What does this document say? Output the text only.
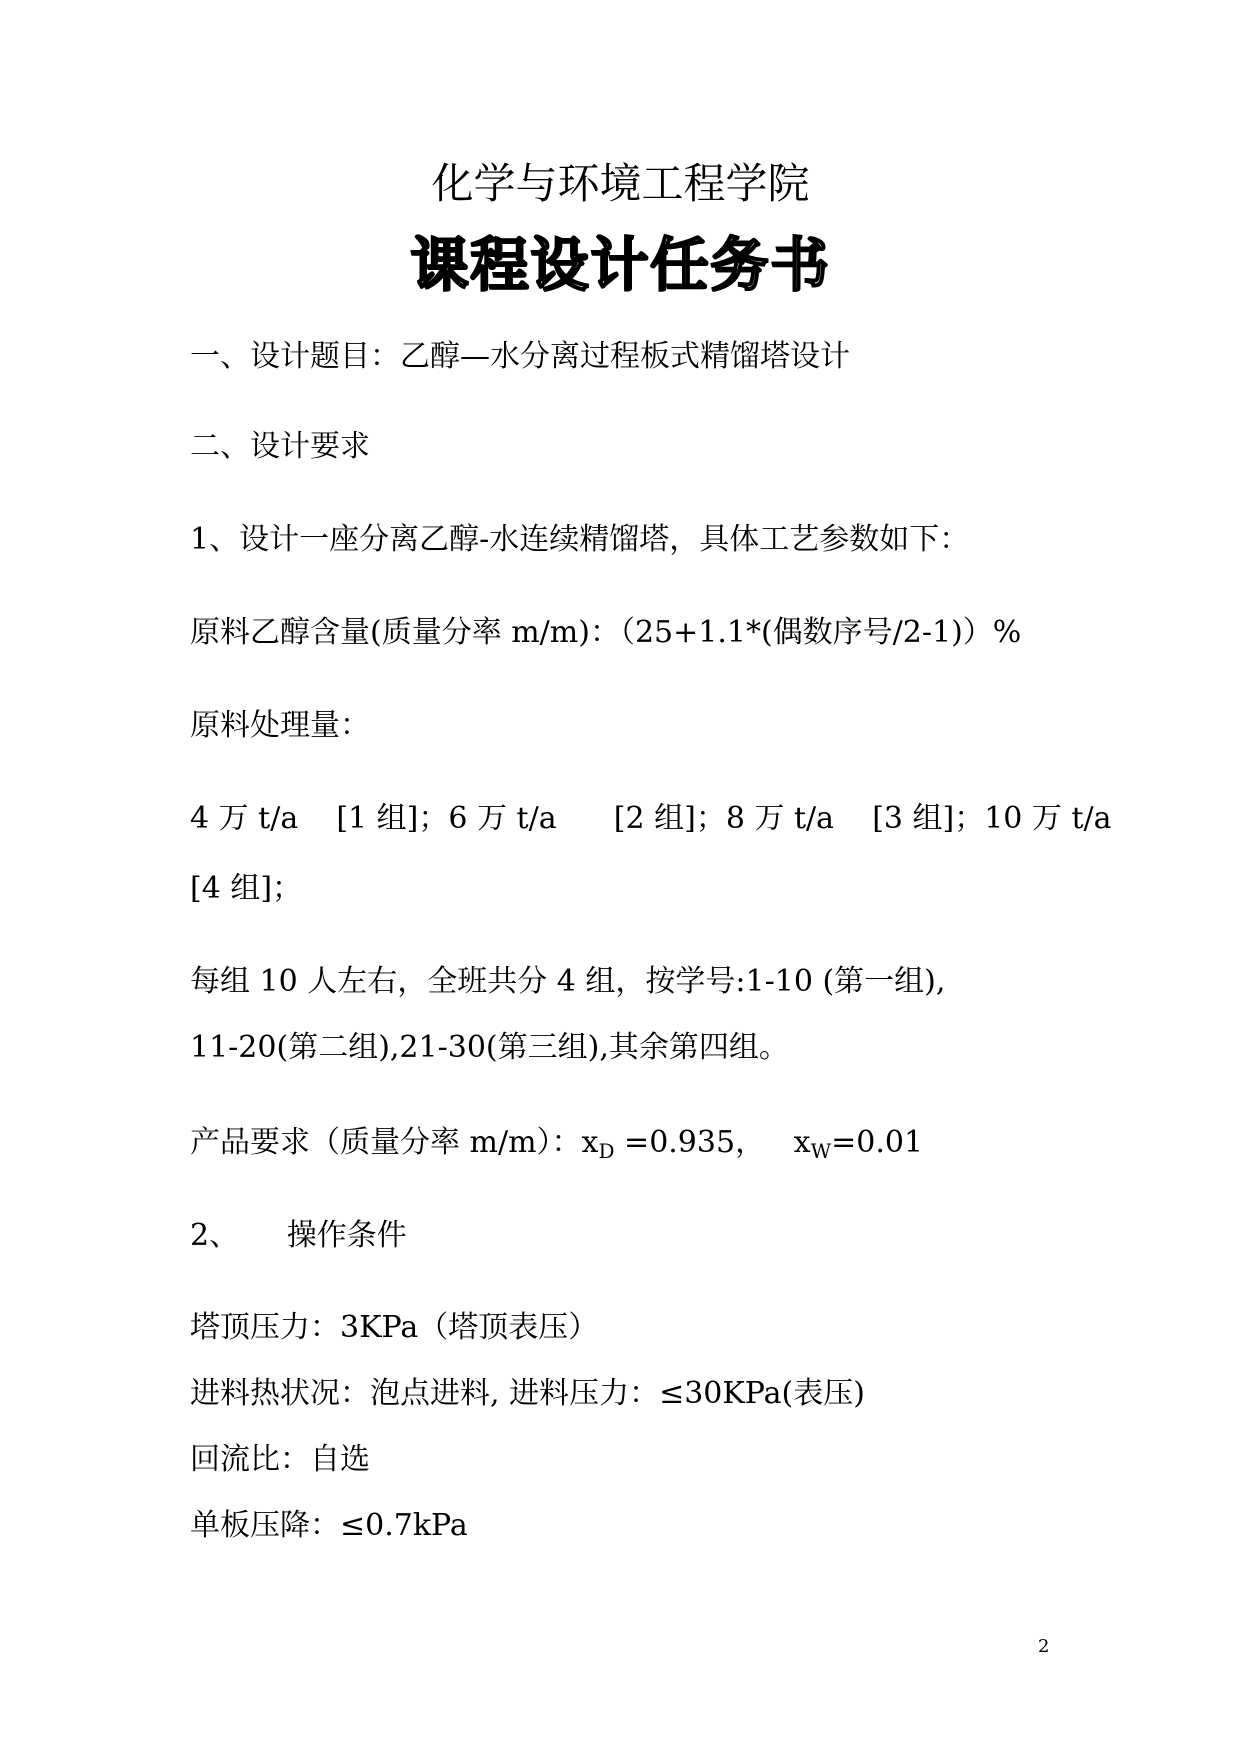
化学与环境工程学院
课程设计任务书
一、设计题目：乙醇—水分离过程板式精馏塔设计
二、设计要求
1、设计一座分离乙醇-水连续精馏塔，具体工艺参数如下：
原料乙醇含量(质量分率 m/m)：（25+1.1*(偶数序号/2-1)）%
原料处理量：
4 万 t/a    [1 组]；6 万 t/a      [2 组]；8 万 t/a    [3 组]；10 万 t/a
[4 组]；
每组 10 人左右，全班共分 4 组，按学号:1-10 (第一组),
11-20(第二组),21-30(第三组),其余第四组。
产品要求（质量分率 m/m）：$x_D =0.935$，   $x_W=0.01$
2、     操作条件
塔顶压力：3KPa（塔顶表压）
进料热状况：泡点进料, 进料压力：≤30KPa(表压)
回流比：自选
单板压降：≤0.7kPa
2
